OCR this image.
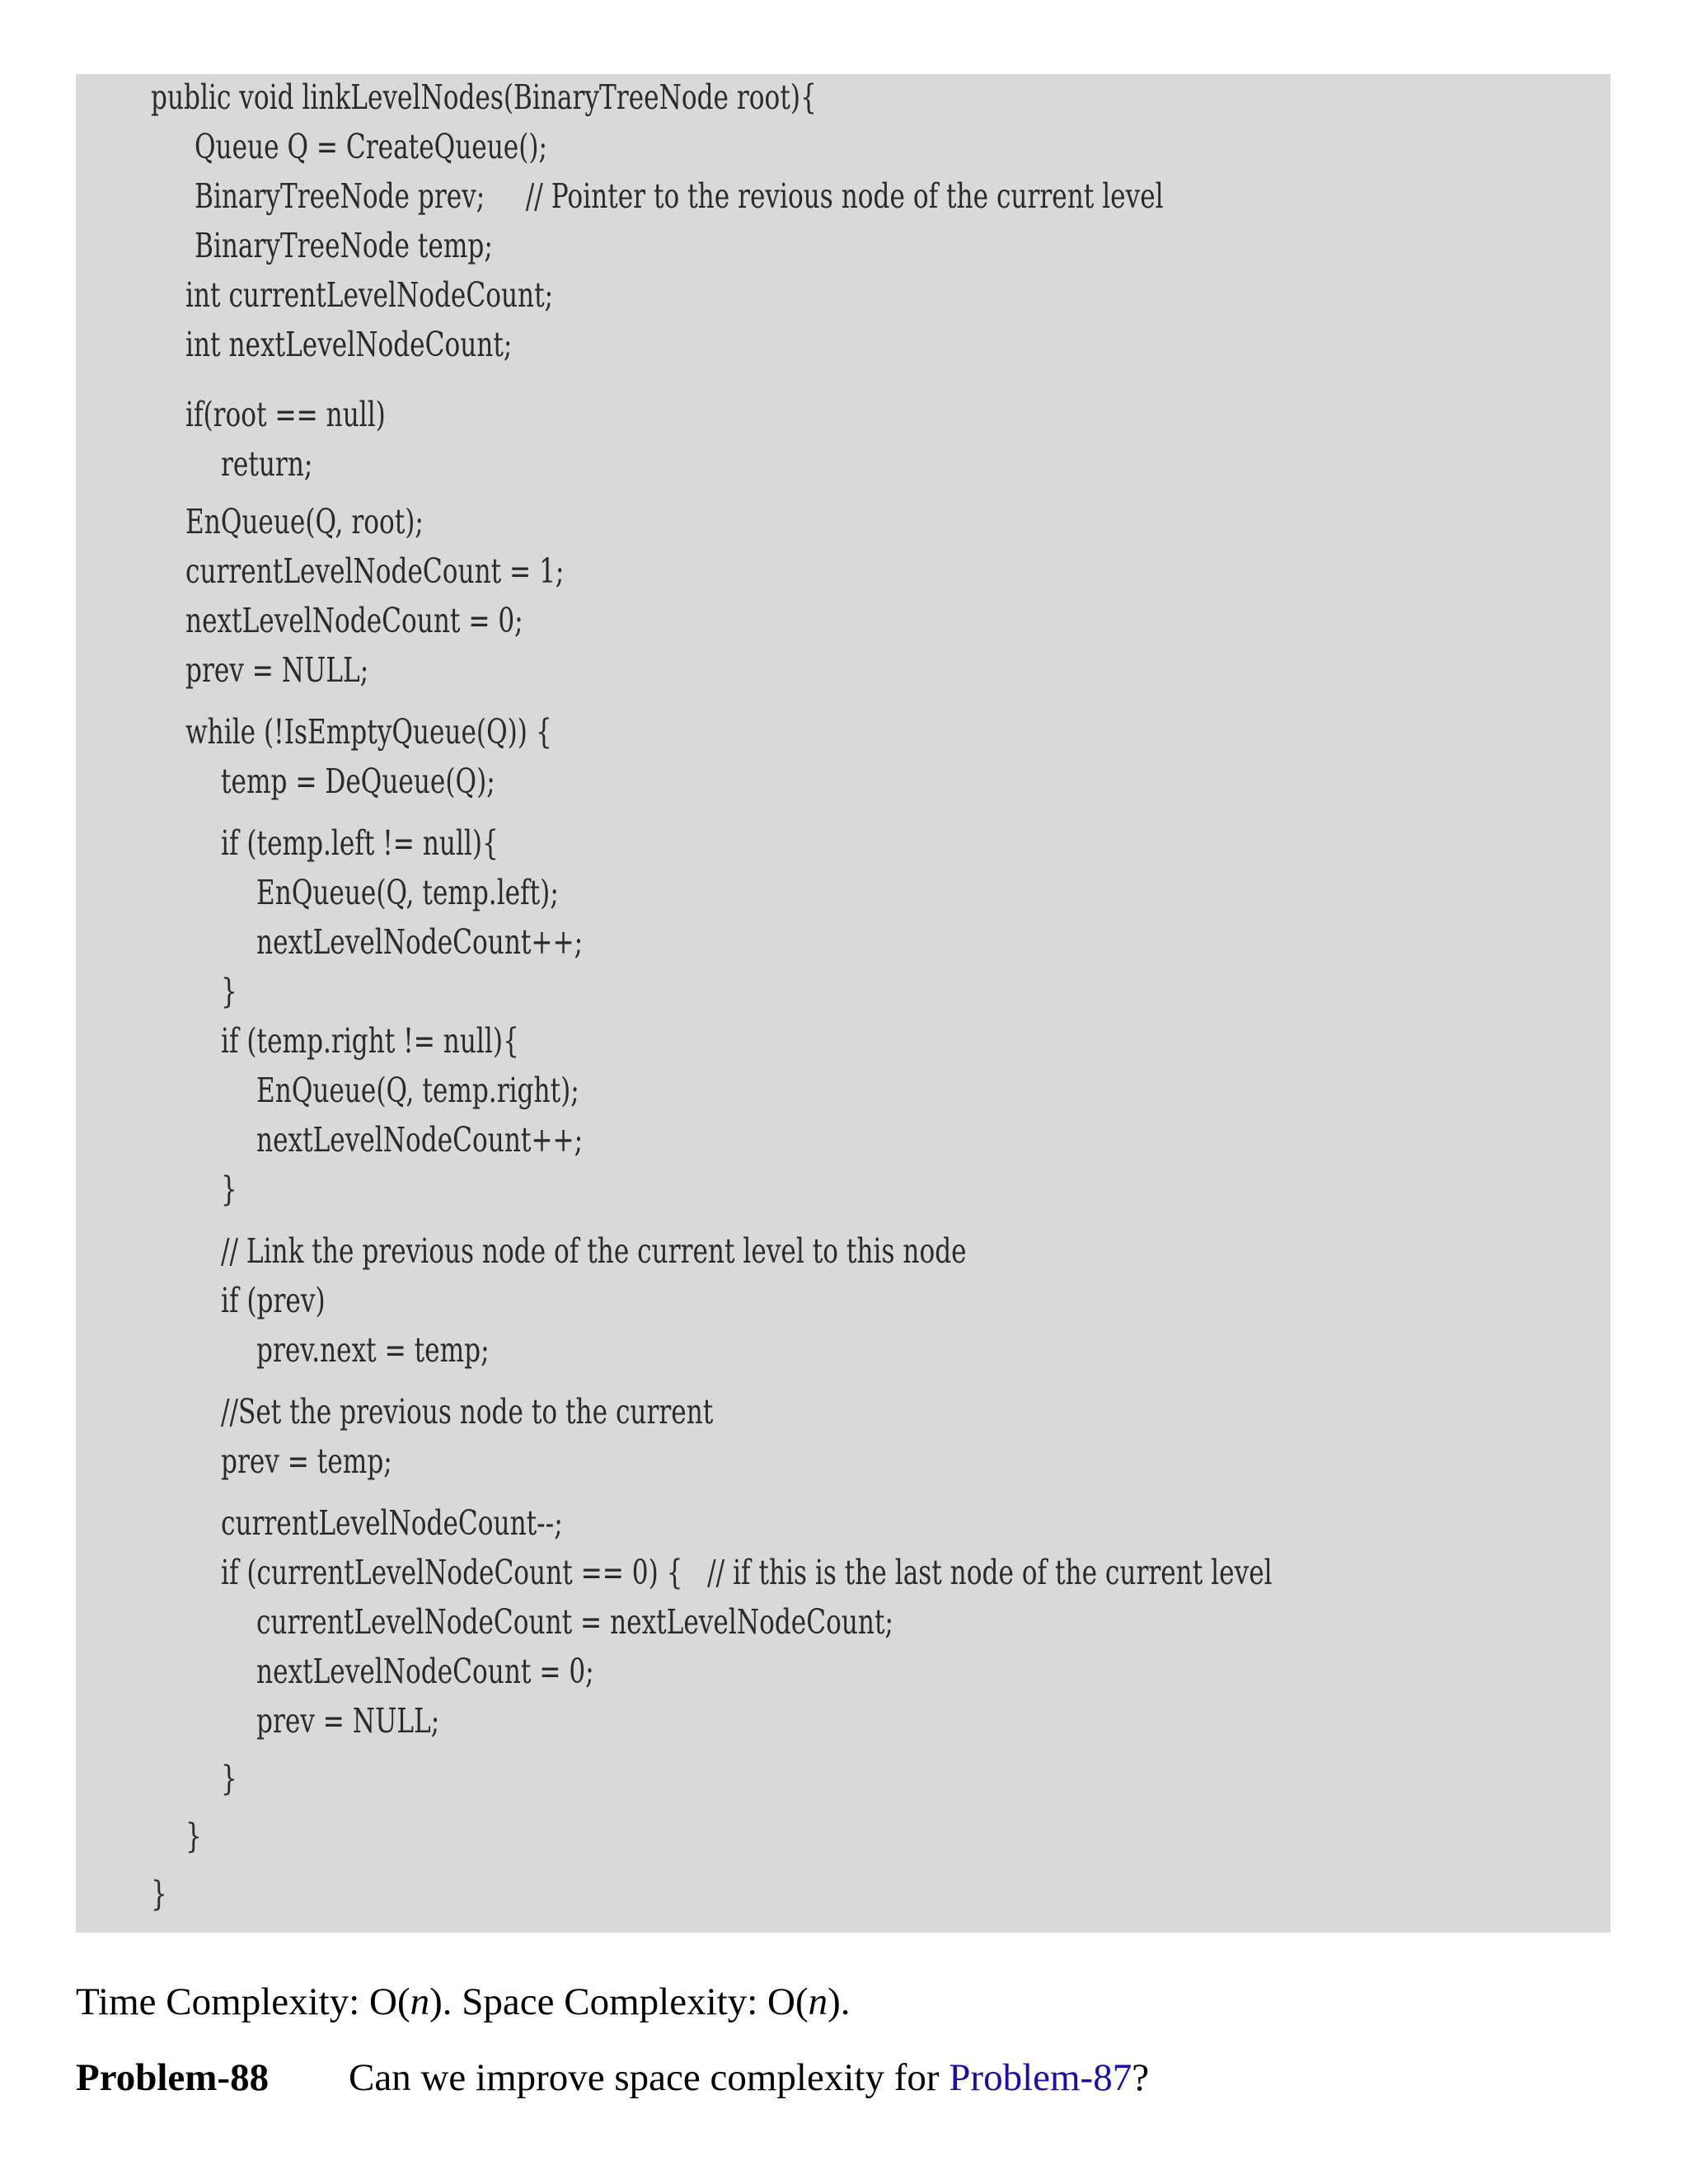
public void linkLevelNodes(BinaryTreeNode root){
Queue Q = CreateQueue();
BinaryTreeNode prev;     // Pointer to the revious node of the current level
BinaryTreeNode temp;
int currentLevelNodeCount;
int nextLevelNodeCount;
if(root == null)
return;
EnQueue(Q, root);
currentLevelNodeCount = 1;
nextLevelNodeCount = 0;
prev = NULL;
while (!IsEmptyQueue(Q)) {
temp = DeQueue(Q);
if (temp.left != null){
EnQueue(Q, temp.left);
nextLevelNodeCount++;
}
if (temp.right != null){
EnQueue(Q, temp.right);
nextLevelNodeCount++;
}
// Link the previous node of the current level to this node
if (prev)
prev.next = temp;
//Set the previous node to the current
prev = temp;
currentLevelNodeCount--;
if (currentLevelNodeCount == 0) {   // if this is the last node of the current level
currentLevelNodeCount = nextLevelNodeCount;
nextLevelNodeCount = 0;
prev = NULL;
}
}
}
Time Complexity: O(n). Space Complexity: O(n).
Problem-88 Can we improve space complexity for Problem-87?
